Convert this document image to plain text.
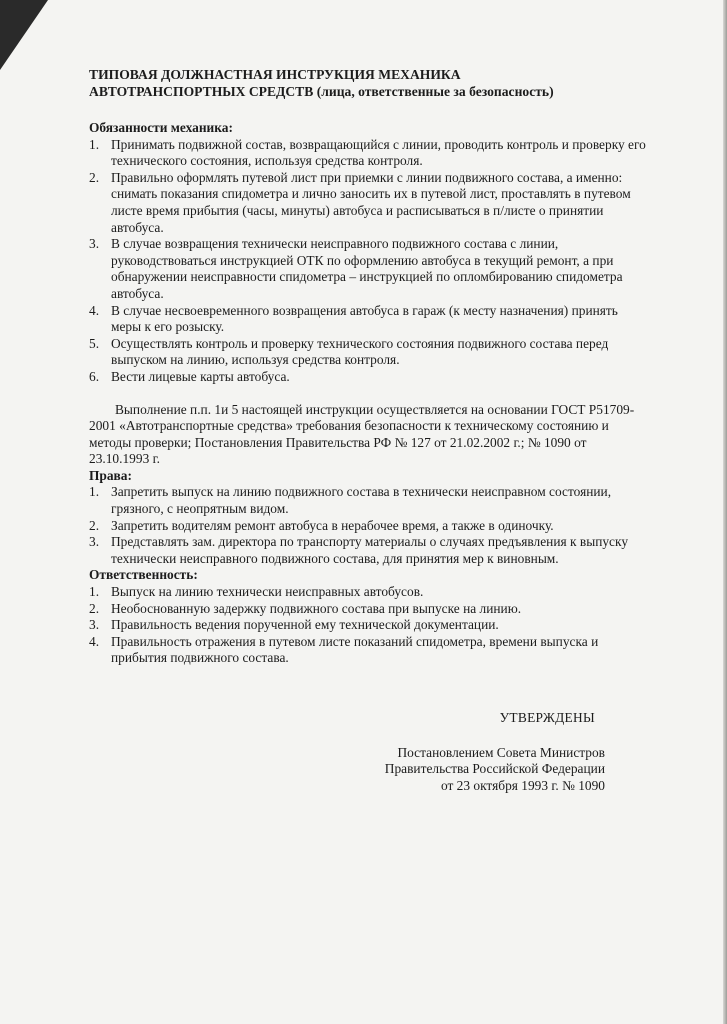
ТИПОВАЯ ДОЛЖНАСТНАЯ ИНСТРУКЦИЯ МЕХАНИКА
АВТОТРАНСПОРТНЫХ СРЕДСТВ (лица, ответственные за безопасность)
Обязанности механика:
1. Принимать подвижной состав, возвращающийся с линии, проводить контроль и проверку его технического состояния, используя средства контроля.
2. Правильно оформлять путевой лист при приемки с линии подвижного состава, а именно: снимать показания спидометра и лично заносить их в путевой лист, проставлять в путевом листе время прибытия (часы, минуты) автобуса и расписываться в п/листе о принятии автобуса.
3. В случае возвращения технически неисправного подвижного состава с линии, руководствоваться инструкцией ОТК по оформлению автобуса в текущий ремонт, а при обнаружении неисправности спидометра – инструкцией по опломбированию спидометра автобуса.
4. В случае несвоевременного возвращения автобуса в гараж (к месту назначения) принять меры к его розыску.
5. Осуществлять контроль и проверку технического состояния подвижного состава перед выпуском на линию, используя средства контроля.
6. Вести лицевые карты автобуса.

Выполнение п.п. 1и 5 настоящей инструкции осуществляется на основании ГОСТ Р51709-2001 «Автотранспортные средства» требования безопасности к техническому состоянию и методы проверки; Постановления Правительства РФ № 127 от 21.02.2002 г.; № 1090 от 23.10.1993 г.

Права:
1. Запретить выпуск на линию подвижного состава в технически неисправном состоянии, грязного, с неопрятным видом.
2. Запретить водителям ремонт автобуса в нерабочее время, а также в одиночку.
3. Представлять зам. директора по транспорту материалы о случаях предъявления к выпуску технически неисправного подвижного состава, для принятия мер к виновным.
Ответственность:
1. Выпуск на линию технически неисправных автобусов.
2. Необоснованную задержку подвижного состава при выпуске на линию.
3. Правильность ведения порученной ему технической документации.
4. Правильность отражения в путевом листе показаний спидометра, времени выпуска и прибытия подвижного состава.
УТВЕРЖДЕНЫ
Постановлением Совета Министров
Правительства Российской Федерации
от 23 октября 1993 г. № 1090
